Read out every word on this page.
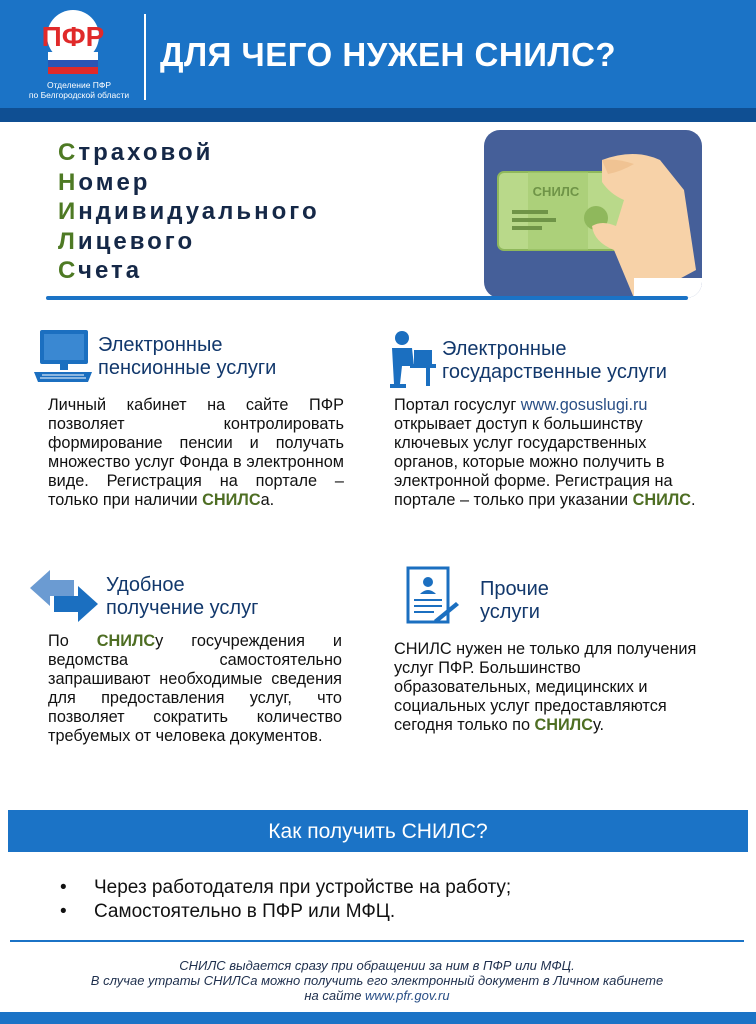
ПФР
Отделение ПФР
по Белгородской области
ДЛЯ ЧЕГО НУЖЕН СНИЛС?
Страховой
Номер
Индивидуального
Лицевого
Счета
СНИЛС
Электронные
пенсионные услуги
Личный кабинет на сайте ПФР позволяет контролировать формирование пенсии и получать множество услуг Фонда в электронном виде. Регистрация на портале – только при наличии СНИЛСа.
Электронные
государственные услуги
Портал госуслуг www.gosuslugi.ru открывает доступ к большинству ключевых услуг государственных органов, которые можно получить в электронной форме. Регистрация на портале – только при указании СНИЛС.
Удобное
получение услуг
По СНИЛСу госучреждения и ведомства самостоятельно запрашивают необходимые сведения для предоставления услуг, что позволяет сократить количество требуемых от человека документов.
Прочие
услуги
СНИЛС нужен не только для получения услуг ПФР. Большинство образовательных, медицинских и социальных услуг предоставляются сегодня только по СНИЛСу.
Как получить СНИЛС?
• Через работодателя при устройстве на работу;
• Самостоятельно в ПФР или МФЦ.
СНИЛС выдается сразу при обращении за ним в ПФР или МФЦ.
В случае утраты СНИЛСа можно получить его электронный документ в Личном кабинете
на сайте www.pfr.gov.ru
